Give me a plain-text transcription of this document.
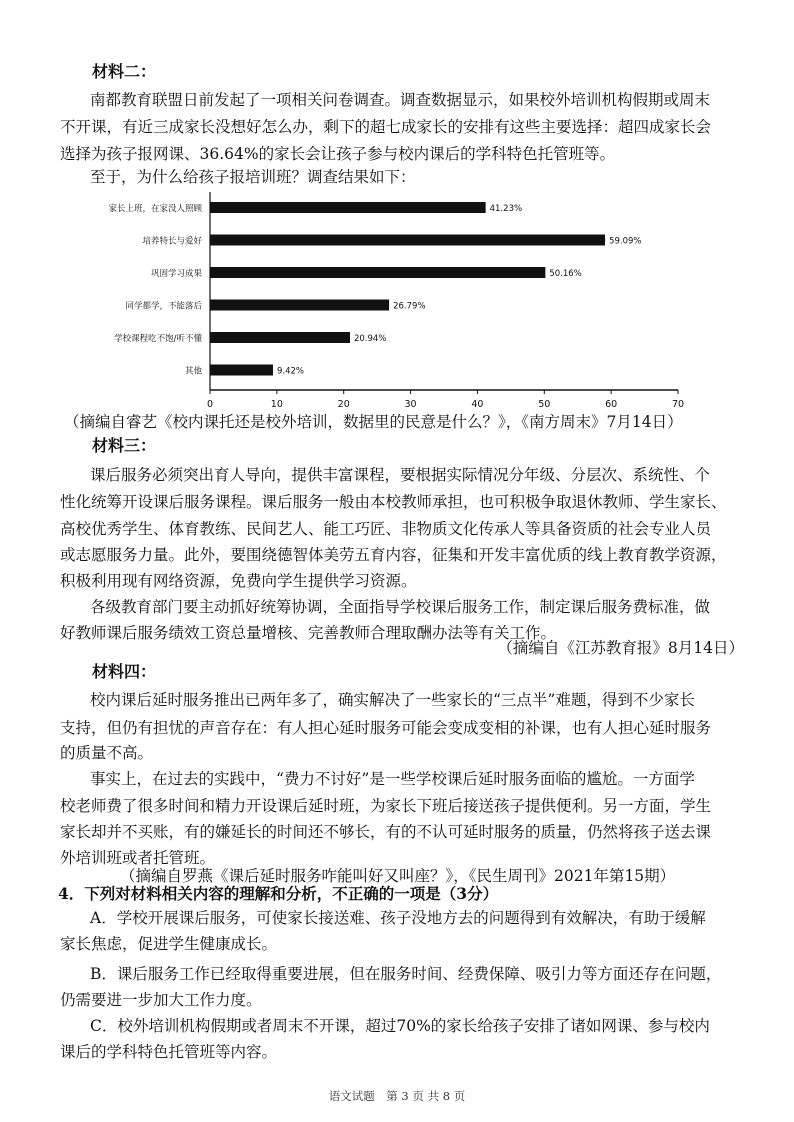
材料二：
南都教育联盟日前发起了一项相关问卷调查。调查数据显示，如果校外培训机构假期或周末
不开课，有近三成家长没想好怎么办，剩下的超七成家长的安排有这些主要选择：超四成家长会
选择为孩子报网课、36.64%的家长会让孩子参与校内课后的学科特色托管班等。
至于，为什么给孩子报培训班？调查结果如下：
0	10	20	30	40	50	60	70
家长上班，在家没人照顾	41.23%
培养特长与爱好	59.09%
巩固学习成果	50.16%
同学都学，不能落后	26.79%
学校课程吃不饱/听不懂	20.94%
其他	9.42%
（摘编自睿艺《校内课托还是校外培训，数据里的民意是什么？》，《南方周末》7月14日）
材料三：
课后服务必须突出育人导向，提供丰富课程，要根据实际情况分年级、分层次、系统性、个
性化统筹开设课后服务课程。课后服务一般由本校教师承担，也可积极争取退休教师、学生家长、
高校优秀学生、体育教练、民间艺人、能工巧匠、非物质文化传承人等具备资质的社会专业人员
或志愿服务力量。此外，要围绕德智体美劳五育内容，征集和开发丰富优质的线上教育教学资源，
积极利用现有网络资源，免费向学生提供学习资源。
各级教育部门要主动抓好统筹协调，全面指导学校课后服务工作，制定课后服务费标准，做
好教师课后服务绩效工资总量增核、完善教师合理取酬办法等有关工作。
（摘编自《江苏教育报》8月14日）
材料四：
校内课后延时服务推出已两年多了，确实解决了一些家长的“三点半”难题，得到不少家长
支持，但仍有担忧的声音存在：有人担心延时服务可能会变成变相的补课，也有人担心延时服务
的质量不高。
事实上，在过去的实践中，“费力不讨好”是一些学校课后延时服务面临的尴尬。一方面学
校老师费了很多时间和精力开设课后延时班，为家长下班后接送孩子提供便利。另一方面，学生
家长却并不买账，有的嫌延长的时间还不够长，有的不认可延时服务的质量，仍然将孩子送去课
外培训班或者托管班。
（摘编自罗燕《课后延时服务咋能叫好又叫座？》，《民生周刊》2021年第15期）
4．下列对材料相关内容的理解和分析，不正确的一项是（3分）
A．学校开展课后服务，可使家长接送难、孩子没地方去的问题得到有效解决，有助于缓解
家长焦虑，促进学生健康成长。
B．课后服务工作已经取得重要进展，但在服务时间、经费保障、吸引力等方面还存在问题，
仍需要进一步加大工作力度。
C．校外培训机构假期或者周末不开课，超过70%的家长给孩子安排了诸如网课、参与校内
课后的学科特色托管班等内容。
语文试题　第 3 页 共 8 页
